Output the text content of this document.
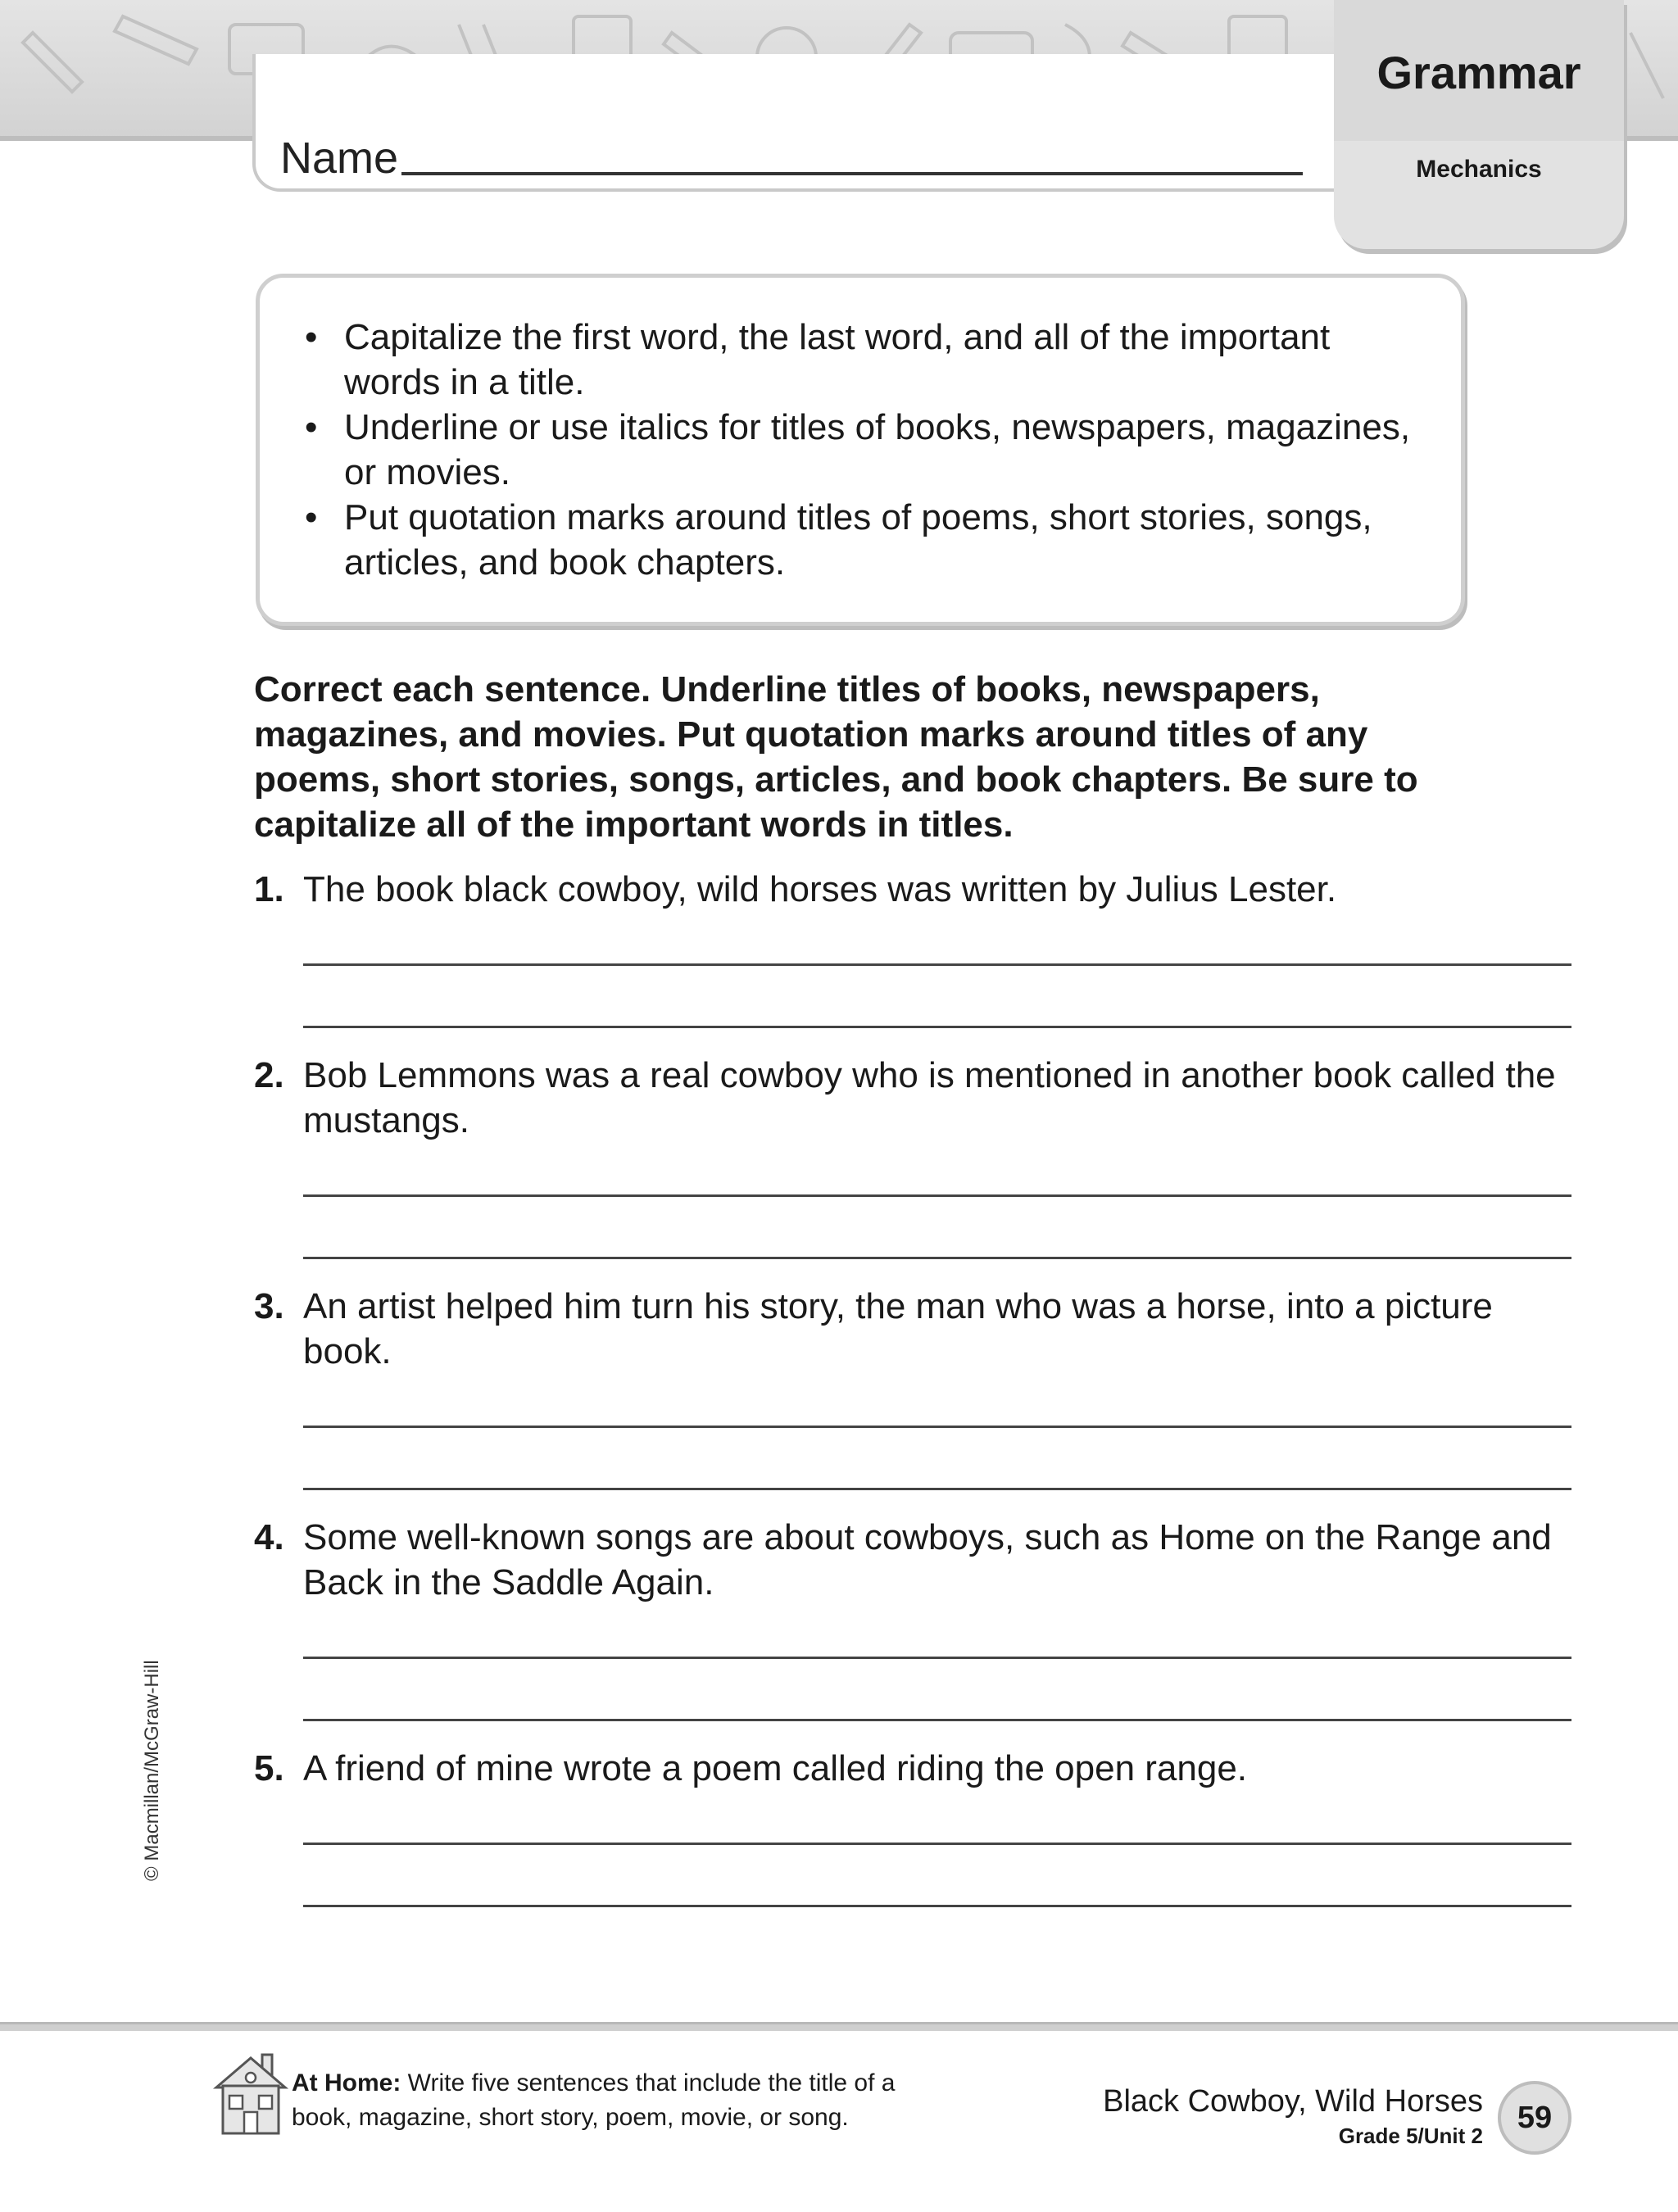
Name
Grammar
Mechanics
• Capitalize the first word, the last word, and all of the important words in a title.
• Underline or use italics for titles of books, newspapers, magazines, or movies.
• Put quotation marks around titles of poems, short stories, songs, articles, and book chapters.

Correct each sentence. Underline titles of books, newspapers, magazines, and movies. Put quotation marks around titles of any poems, short stories, songs, articles, and book chapters. Be sure to capitalize all of the important words in titles.

1. The book black cowboy, wild horses was written by Julius Lester.
2. Bob Lemmons was a real cowboy who is mentioned in another book called the mustangs.
3. An artist helped him turn his story, the man who was a horse, into a picture book.
4. Some well-known songs are about cowboys, such as Home on the Range and Back in the Saddle Again.
5. A friend of mine wrote a poem called riding the open range.
© Macmillan/McGraw-Hill
At Home: Write five sentences that include the title of a book, magazine, short story, poem, movie, or song.	Black Cowboy, Wild Horses
Grade 5/Unit 2
59
